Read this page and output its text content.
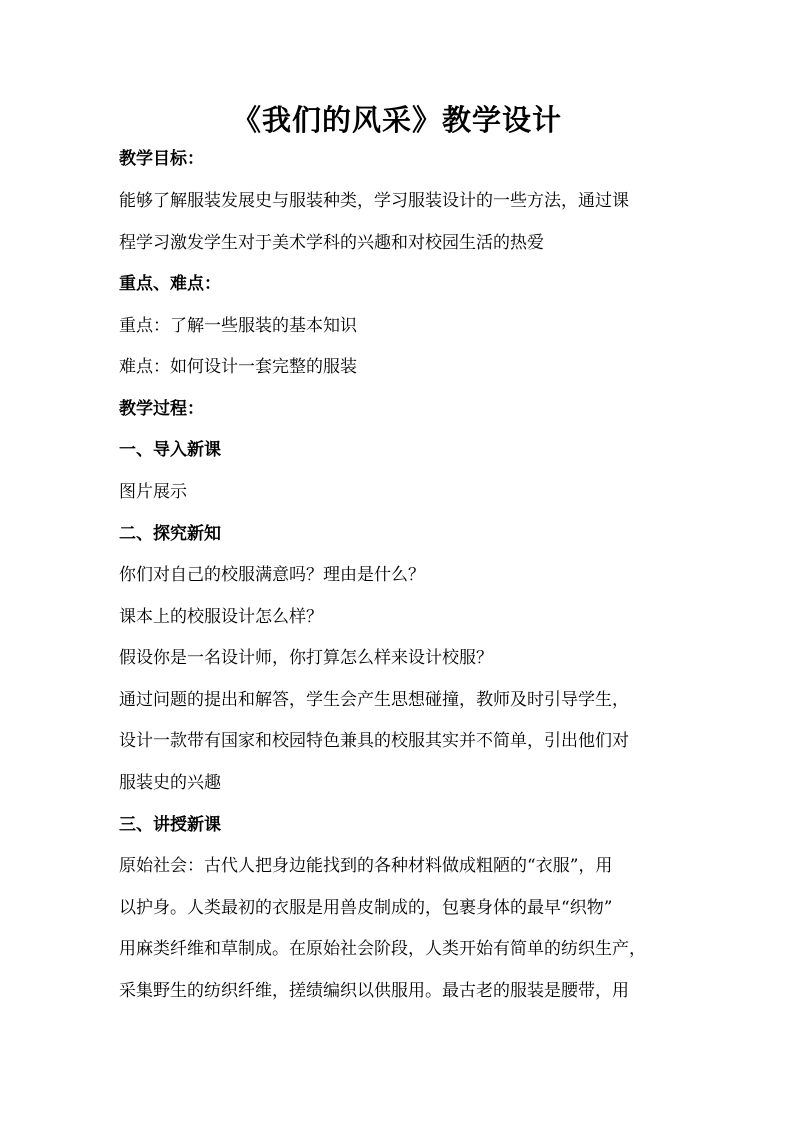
《我们的风采》教学设计
教学目标：
能够了解服装发展史与服装种类，学习服装设计的一些方法，通过课
程学习激发学生对于美术学科的兴趣和对校园生活的热爱
重点、难点：
重点：了解一些服装的基本知识
难点：如何设计一套完整的服装
教学过程：
一、导入新课
图片展示
二、探究新知
你们对自己的校服满意吗？理由是什么？
课本上的校服设计怎么样？
假设你是一名设计师，你打算怎么样来设计校服？
通过问题的提出和解答，学生会产生思想碰撞，教师及时引导学生，
设计一款带有国家和校园特色兼具的校服其实并不简单，引出他们对
服装史的兴趣
三、讲授新课
原始社会：古代人把身边能找到的各种材料做成粗陋的“衣服”，用
以护身。人类最初的衣服是用兽皮制成的，包裹身体的最早“织物”
用麻类纤维和草制成。在原始社会阶段，人类开始有简单的纺织生产，
采集野生的纺织纤维，搓绩编织以供服用。最古老的服装是腰带，用
